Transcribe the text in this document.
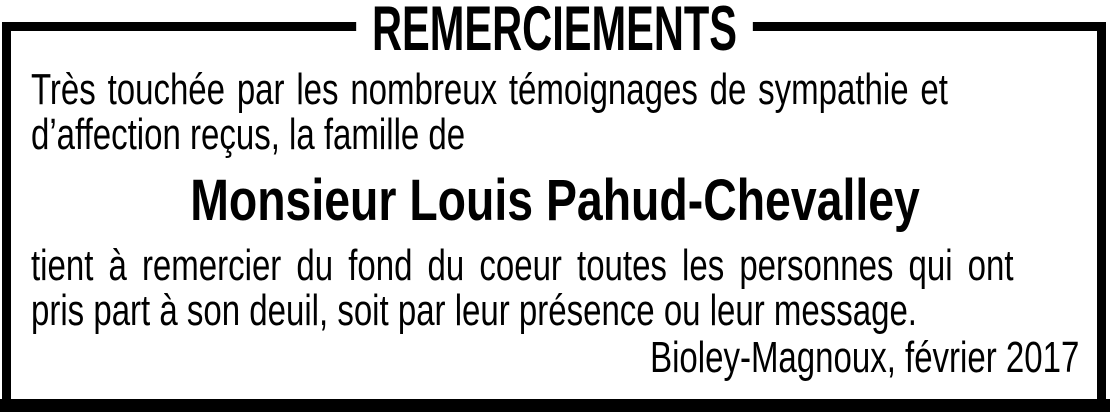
REMERCIEMENTS
Très touchée par les nombreux témoignages de sympathie et
d’affection reçus, la famille de
Monsieur Louis Pahud-Chevalley
tient à remercier du fond du coeur toutes les personnes qui ont
pris part à son deuil, soit par leur présence ou leur message.
Bioley-Magnoux, février 2017
